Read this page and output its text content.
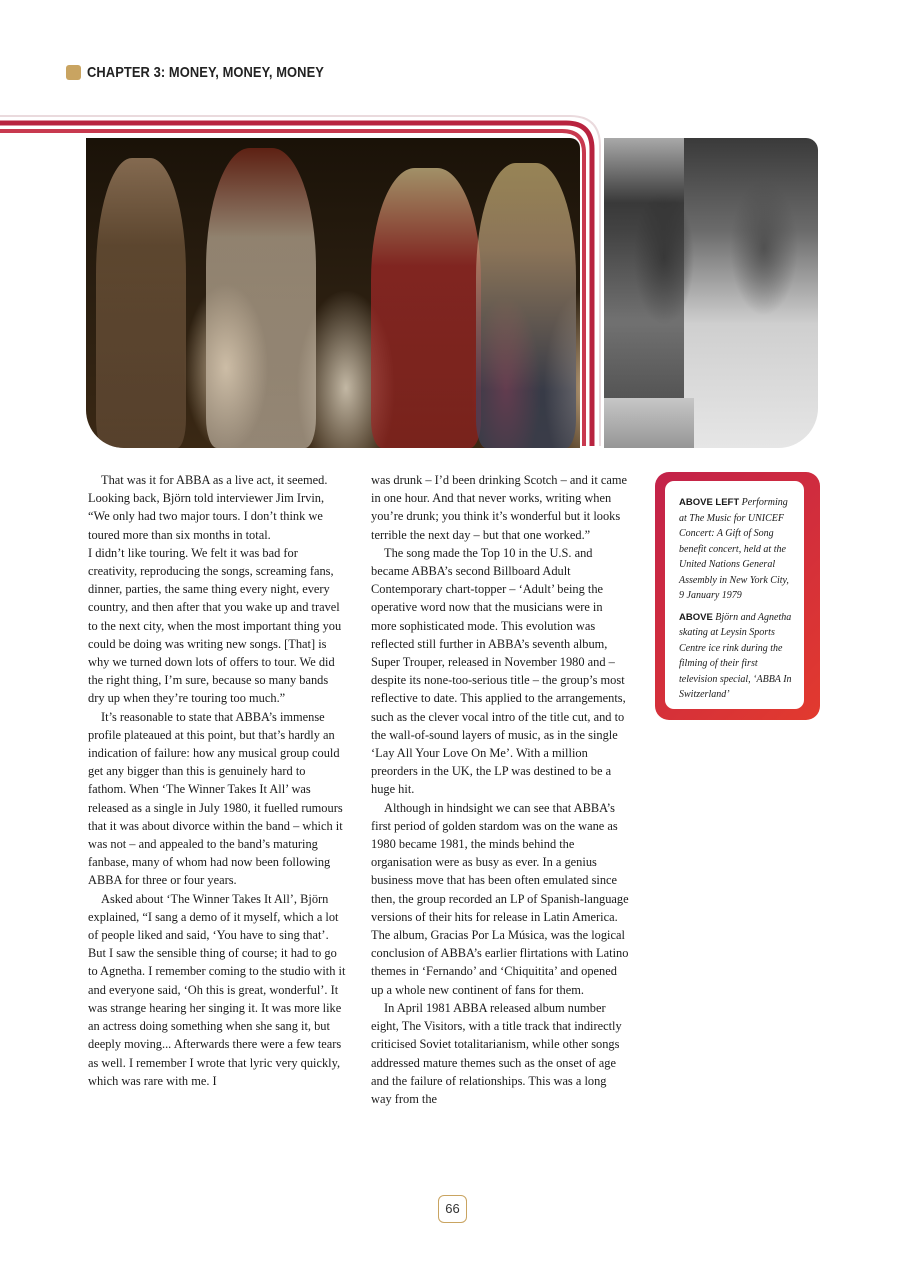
CHAPTER 3: MONEY, MONEY, MONEY

That was it for ABBA as a live act, it seemed. Looking back, Björn told interviewer Jim Irvin, “We only had two major tours. I don’t think we toured more than six months in total.

I didn’t like touring. We felt it was bad for creativity, reproducing the songs, screaming fans, dinner, parties, the same thing every night, every country, and then after that you wake up and travel to the next city, when the most important thing you could be doing was writing new songs. [That] is why we turned down lots of offers to tour. We did the right thing, I’m sure, because so many bands dry up when they’re touring too much.”

It’s reasonable to state that ABBA’s immense profile plateaued at this point, but that’s hardly an indication of failure: how any musical group could get any bigger than this is genuinely hard to fathom. When ‘The Winner Takes It All’ was released as a single in July 1980, it fuelled rumours that it was about divorce within the band – which it was not – and appealed to the band’s maturing fanbase, many of whom had now been following ABBA for three or four years.

Asked about ‘The Winner Takes It All’, Björn explained, “I sang a demo of it myself, which a lot of people liked and said, ‘You have to sing that’. But I saw the sensible thing of course; it had to go to Agnetha. I remember coming to the studio with it and everyone said, ‘Oh this is great, wonderful’. It was strange hearing her singing it. It was more like an actress doing something when she sang it, but deeply moving... Afterwards there were a few tears as well. I remember I wrote that lyric very quickly, which was rare with me. I

was drunk – I’d been drinking Scotch – and it came in one hour. And that never works, writing when you’re drunk; you think it’s wonderful but it looks terrible the next day – but that one worked.”

The song made the Top 10 in the U.S. and became ABBA’s second Billboard Adult Contemporary chart-topper – ‘Adult’ being the operative word now that the musicians were in more sophisticated mode. This evolution was reflected still further in ABBA’s seventh album, Super Trouper, released in November 1980 and – despite its none-too-serious title – the group’s most reflective to date. This applied to the arrangements, such as the clever vocal intro of the title cut, and to the wall-of-sound layers of music, as in the single ‘Lay All Your Love On Me’. With a million preorders in the UK, the LP was destined to be a huge hit.

Although in hindsight we can see that ABBA’s first period of golden stardom was on the wane as 1980 became 1981, the minds behind the organisation were as busy as ever. In a genius business move that has been often emulated since then, the group recorded an LP of Spanish-language versions of their hits for release in Latin America. The album, Gracias Por La Música, was the logical conclusion of ABBA’s earlier flirtations with Latino themes in ‘Fernando’ and ‘Chiquitita’ and opened up a whole new continent of fans for them.

In April 1981 ABBA released album number eight, The Visitors, with a title track that indirectly criticised Soviet totalitarianism, while other songs addressed mature themes such as the onset of age and the failure of relationships. This was a long way from the

ABOVE LEFT Performing at The Music for UNICEF Concert: A Gift of Song benefit concert, held at the United Nations General Assembly in New York City, 9 January 1979
ABOVE Björn and Agnetha skating at Leysin Sports Centre ice rink during the filming of their first television special, ‘ABBA In Switzerland’
66
